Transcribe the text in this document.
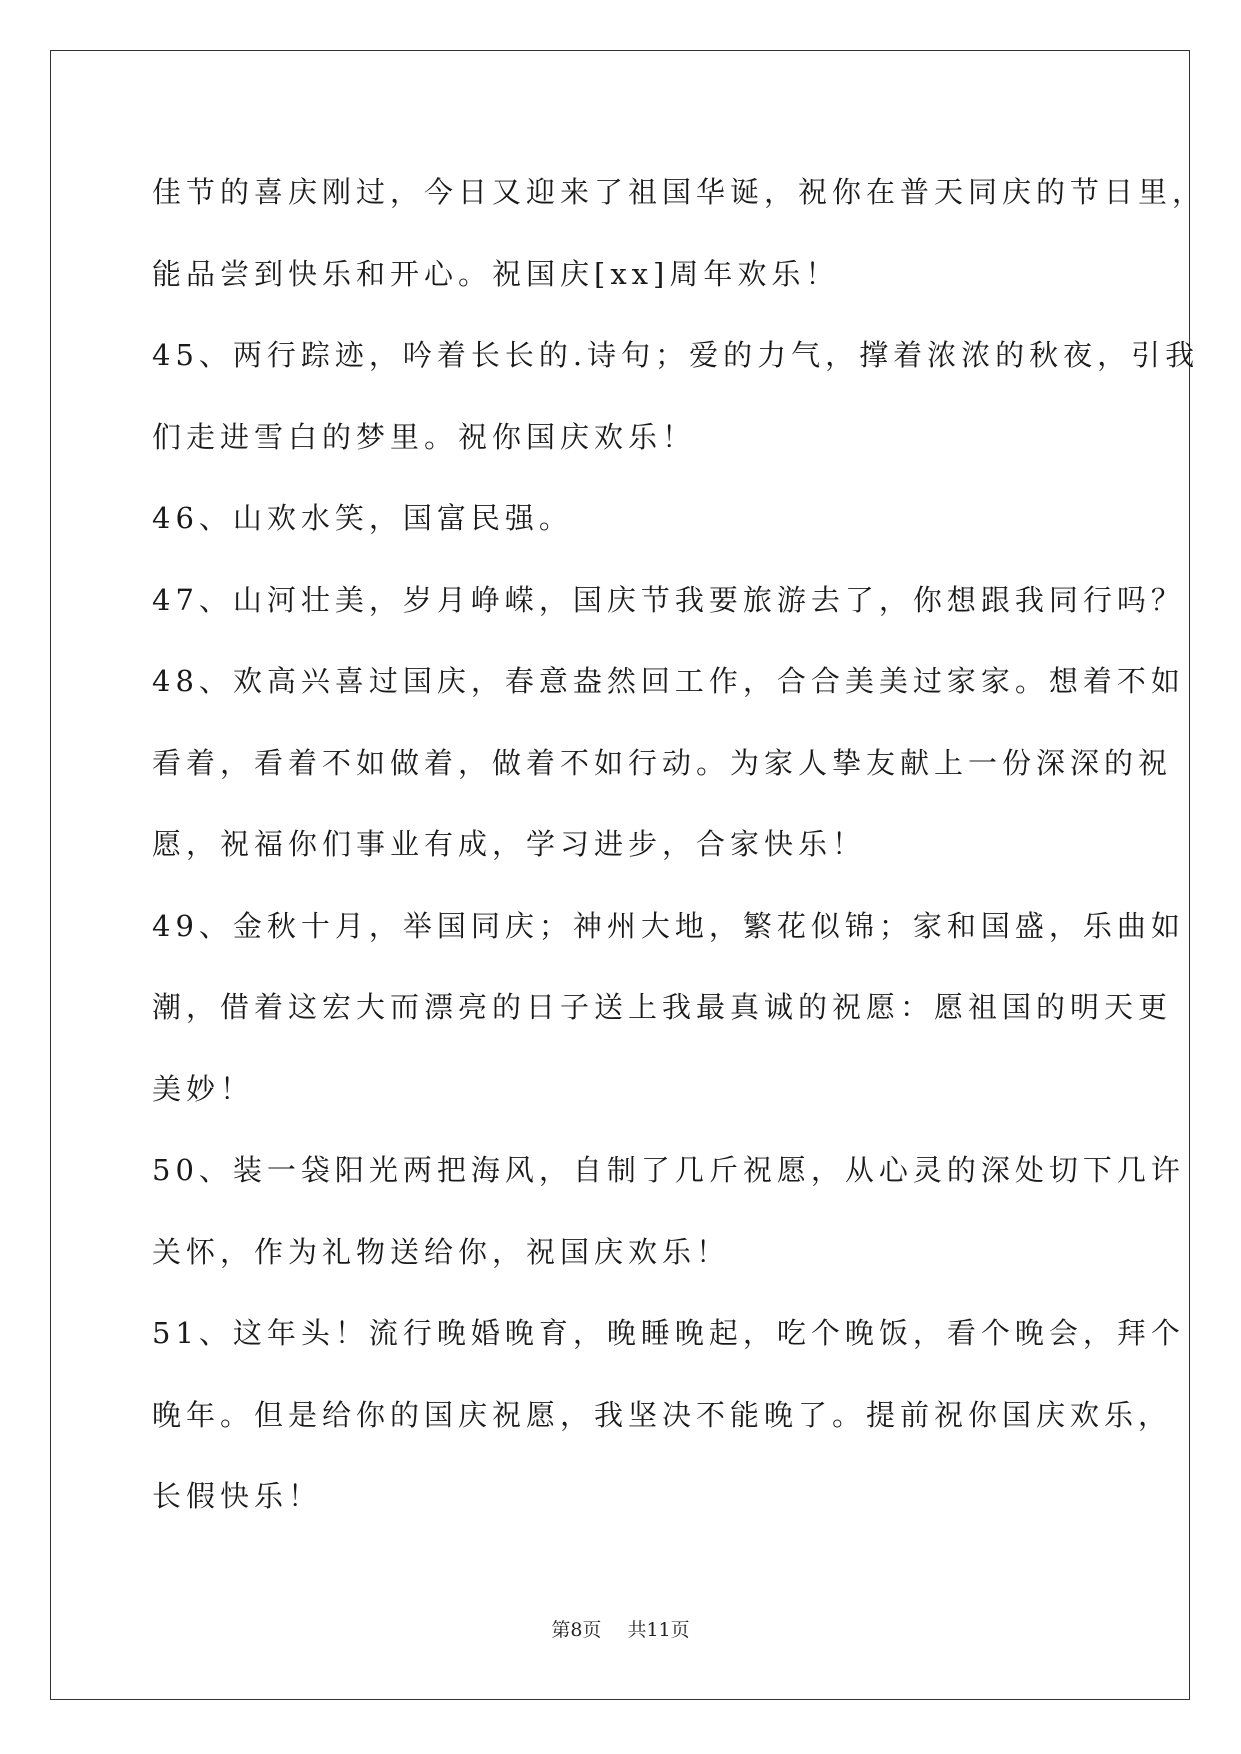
佳节的喜庆刚过，今日又迎来了祖国华诞，祝你在普天同庆的节日里，
能品尝到快乐和开心。祝国庆[xx]周年欢乐！
45、两行踪迹，吟着长长的.诗句；爱的力气，撑着浓浓的秋夜，引我
们走进雪白的梦里。祝你国庆欢乐！
46、山欢水笑，国富民强。
47、山河壮美，岁月峥嵘，国庆节我要旅游去了，你想跟我同行吗？
48、欢高兴喜过国庆，春意盎然回工作，合合美美过家家。想着不如
看着，看着不如做着，做着不如行动。为家人挚友献上一份深深的祝
愿，祝福你们事业有成，学习进步，合家快乐！
49、金秋十月，举国同庆；神州大地，繁花似锦；家和国盛，乐曲如
潮，借着这宏大而漂亮的日子送上我最真诚的祝愿：愿祖国的明天更
美妙！
50、装一袋阳光两把海风，自制了几斤祝愿，从心灵的深处切下几许
关怀，作为礼物送给你，祝国庆欢乐！
51、这年头！流行晚婚晚育，晚睡晚起，吃个晚饭，看个晚会，拜个
晚年。但是给你的国庆祝愿，我坚决不能晚了。提前祝你国庆欢乐，
长假快乐！
第8页 共11页
